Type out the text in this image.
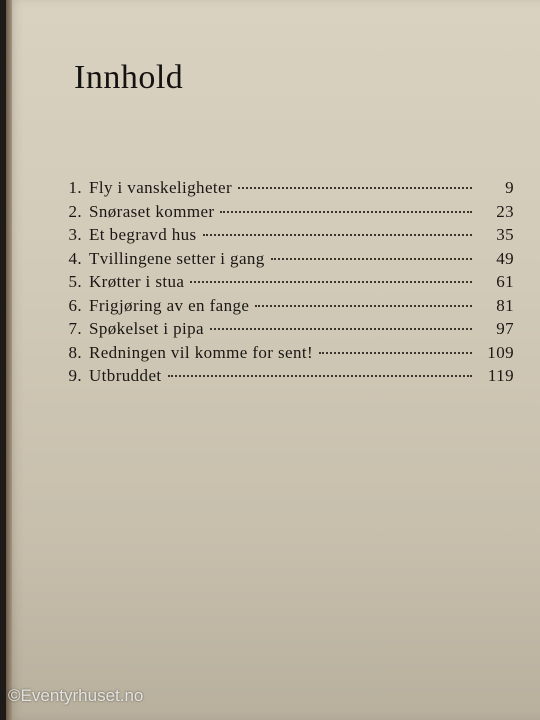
Innhold
1. Fly i vanskeligheter	9
2. Snøraset kommer	23
3. Et begravd hus	35
4. Tvillingene setter i gang	49
5. Krøtter i stua	61
6. Frigjøring av en fange	81
7. Spøkelset i pipa	97
8. Redningen vil komme for sent!	109
9. Utbruddet	119
©Eventyrhuset.no
